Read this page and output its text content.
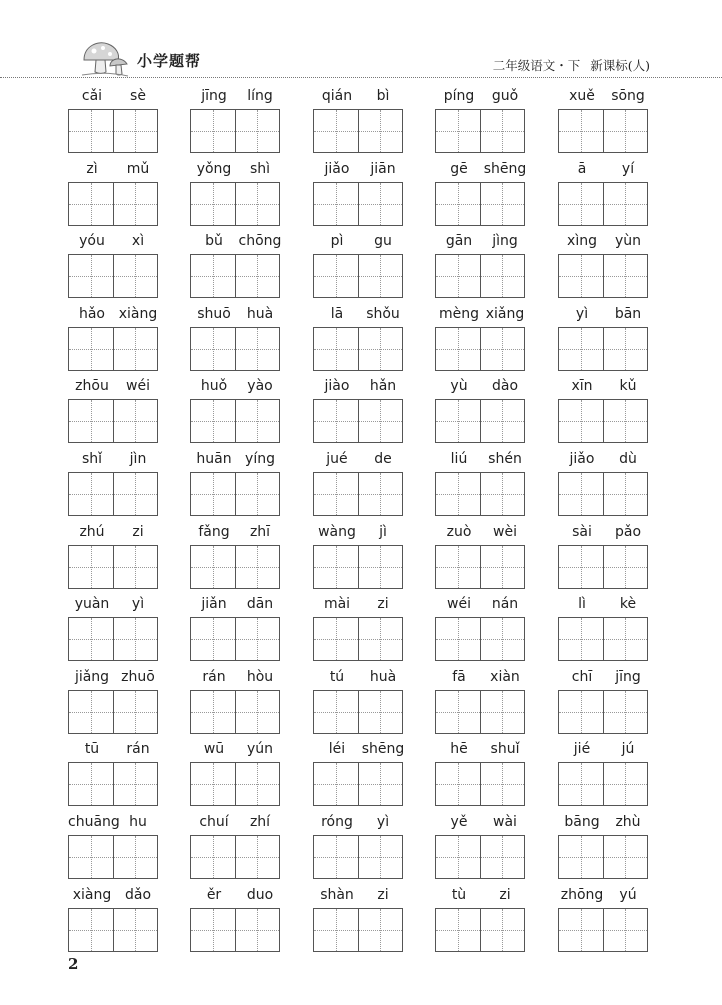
小学题帮	二年级语文・下 新课标(人)
cǎi	sè	jīng	líng	qián	bì	píng	guǒ	xuě	sōng
zì	mǔ	yǒng	shì	jiǎo	jiān	gē	shēng	ā	yí
yóu	xì	bǔ	chōng	pì	gu	gān	jìng	xìng	yùn
hǎo xiàng	shuō	huà	lā	shǒu	mèng xiǎng	yì	bān
zhōu	wéi	huǒ	yào	jiào	hǎn	yù	dào	xīn	kǔ
shǐ	jìn	huān yíng	jué	de	liú	shén	jiǎo	dù
zhú	zi	fǎng	zhī	wàng	jì	zuò	wèi	sài	pǎo
yuàn	yì	jiǎn	dān	mài	zi	wéi	nán	lì	kè
jiǎng zhuō	rán	hòu	tú	huà	fā	xiàn	chī	jīng
tū	rán	wū	yún	léi	shēng	hē	shuǐ	jié	jú
chuāng hu	chuí	zhí	róng	yì	yě	wài	bāng	zhù
xiàng dǎo	ěr	duo	shàn	zi	tù	zi	zhōng	yú
2
